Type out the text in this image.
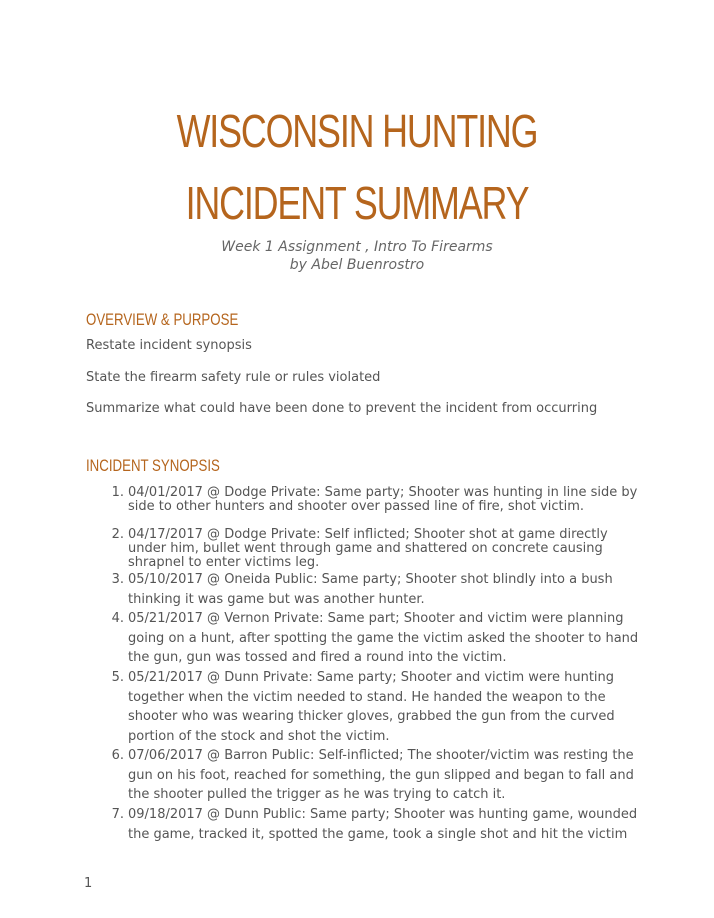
WISCONSIN HUNTING
INCIDENT SUMMARY
Week 1 Assignment , Intro To Firearms
by Abel Buenrostro
OVERVIEW & PURPOSE
Restate incident synopsis
State the firearm safety rule or rules violated
Summarize what could have been done to prevent the incident from occurring
INCIDENT SYNOPSIS
1. 04/01/2017 @ Dodge Private: Same party; Shooter was hunting in line side by side to other hunters and shooter over passed line of fire, shot victim.
2. 04/17/2017 @ Dodge Private: Self inflicted; Shooter shot at game directly under him, bullet went through game and shattered on concrete causing shrapnel to enter victims leg.
3. 05/10/2017 @ Oneida Public: Same party; Shooter shot blindly into a bush thinking it was game but was another hunter.
4. 05/21/2017 @ Vernon Private: Same part; Shooter and victim were planning going on a hunt, after spotting the game the victim asked the shooter to hand the gun, gun was tossed and fired a round into the victim.
5. 05/21/2017 @ Dunn Private: Same party; Shooter and victim were hunting together when the victim needed to stand. He handed the weapon to the shooter who was wearing thicker gloves, grabbed the gun from the curved portion of the stock and shot the victim.
6. 07/06/2017 @ Barron Public: Self-inflicted; The shooter/victim was resting the gun on his foot, reached for something, the gun slipped and began to fall and the shooter pulled the trigger as he was trying to catch it.
7. 09/18/2017 @ Dunn Public: Same party; Shooter was hunting game, wounded the game, tracked it, spotted the game, took a single shot and hit the victim
1
